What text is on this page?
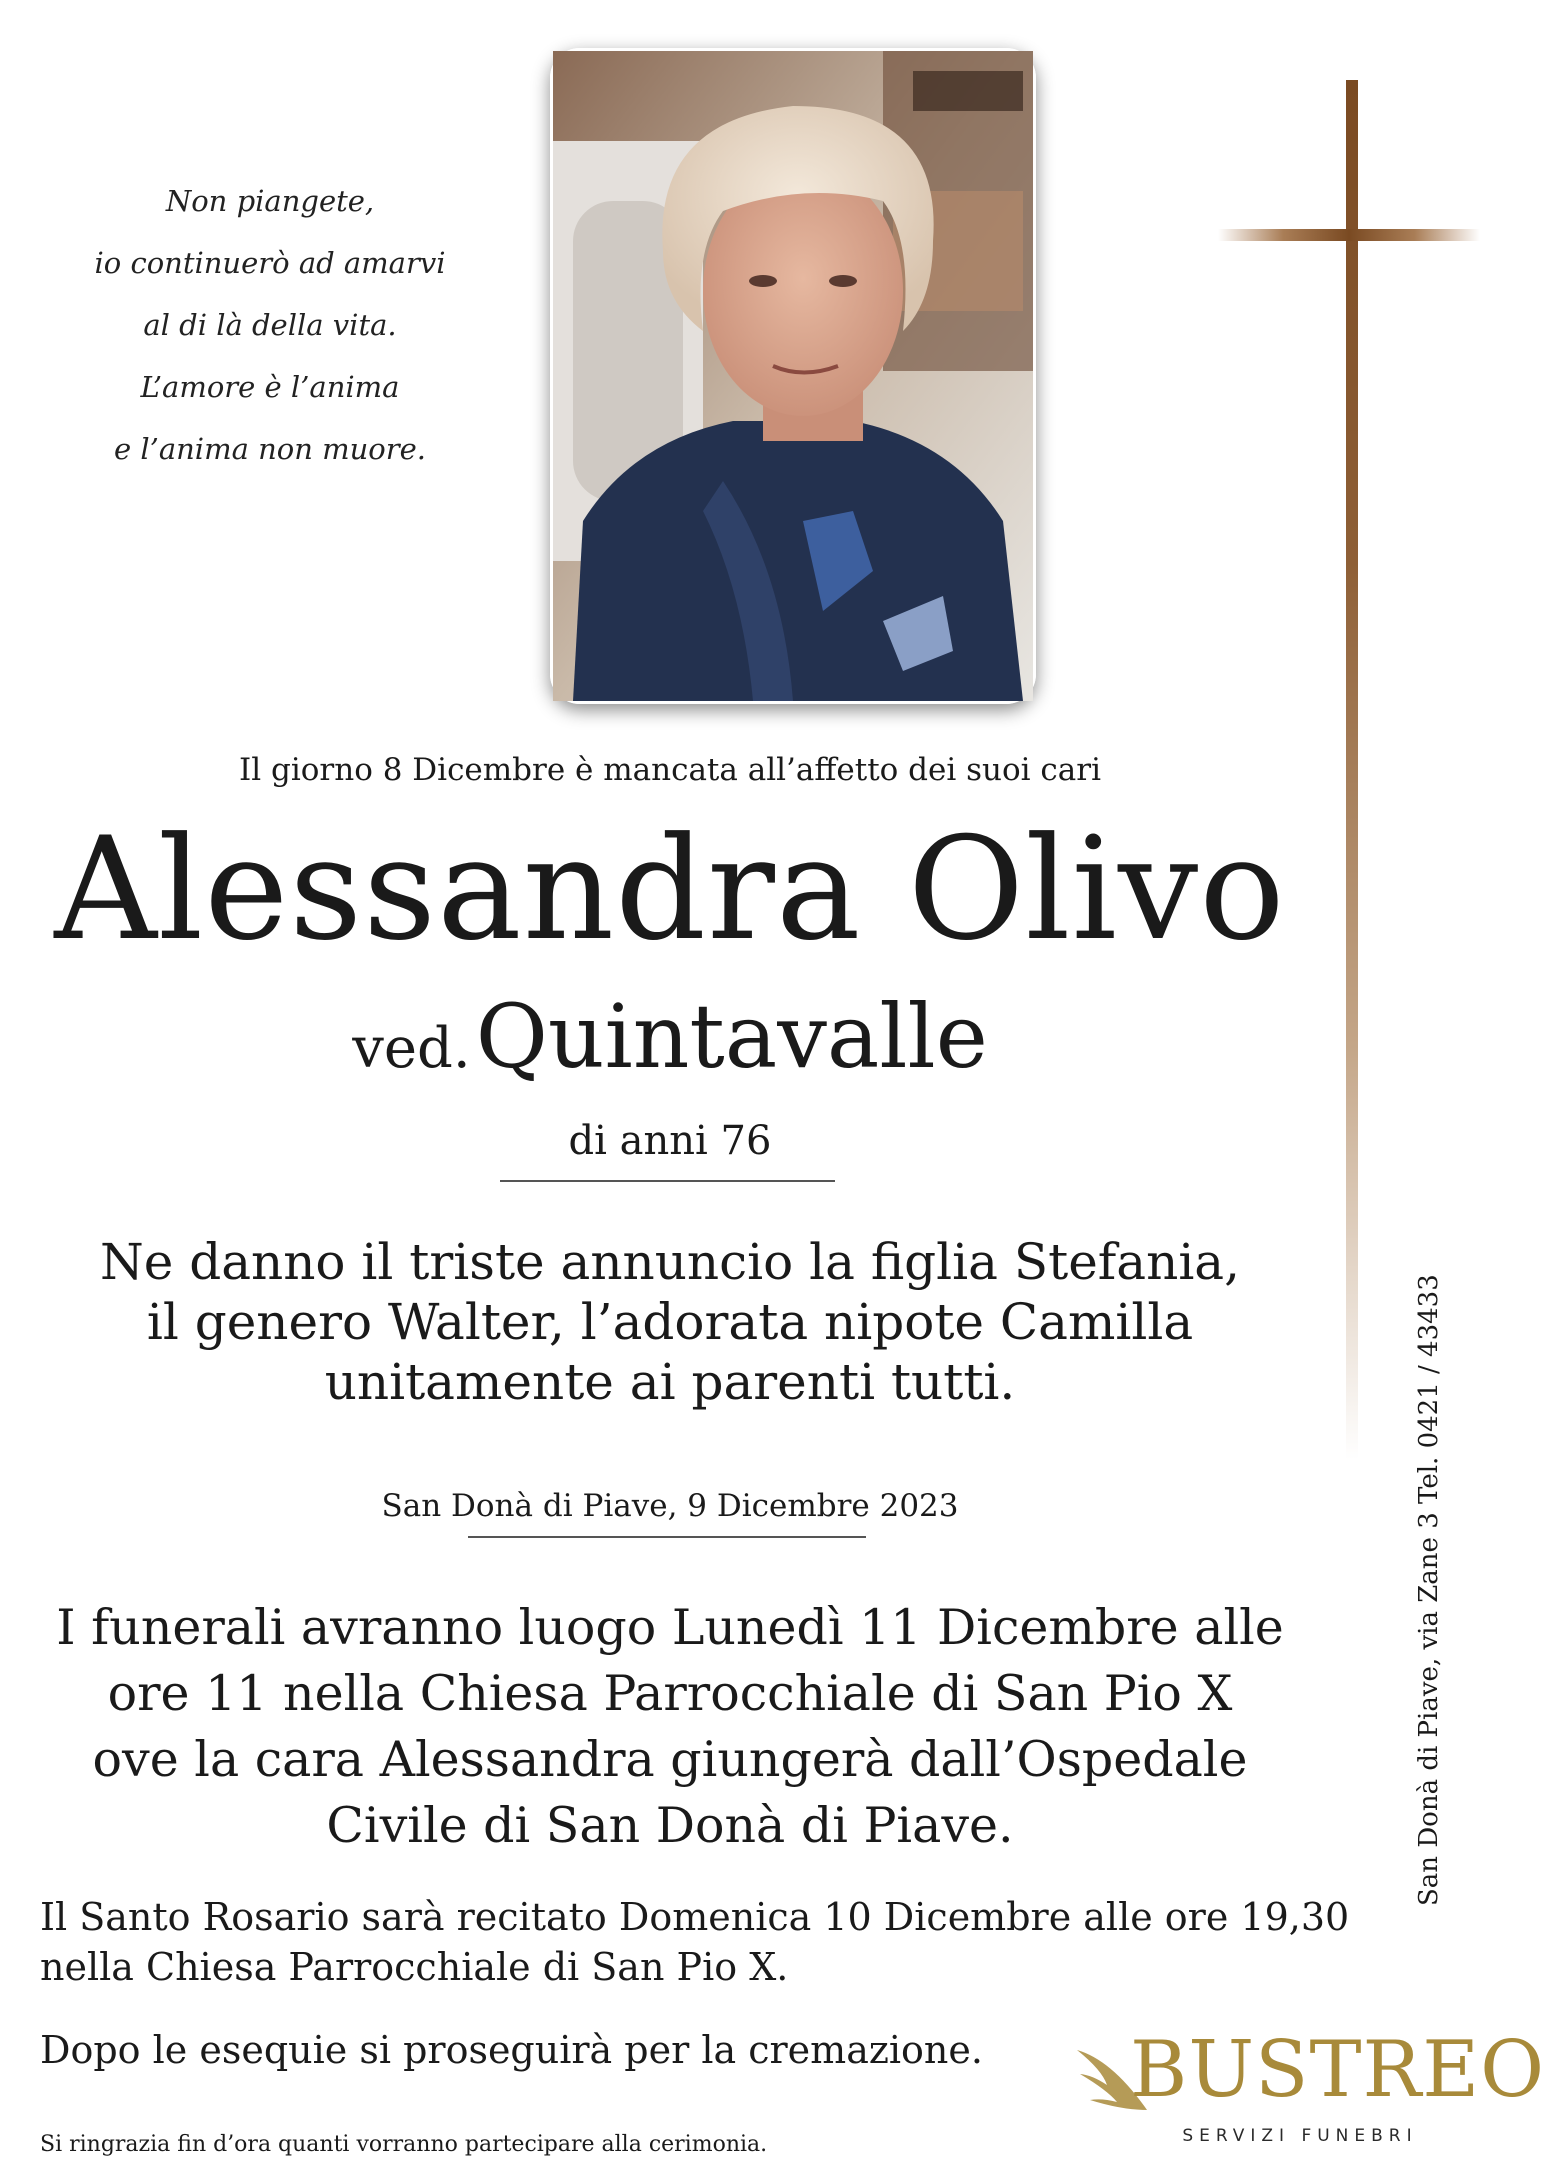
Non piangete,
io continuerò ad amarvi
al di là della vita.
L’amore è l’anima
e l’anima non muore.
Il giorno 8 Dicembre è mancata all’affetto dei suoi cari
Alessandra Olivo
ved. Quintavalle
di anni 76
Ne danno il triste annuncio la figlia Stefania,
il genero Walter, l’adorata nipote Camilla
unitamente ai parenti tutti.
San Donà di Piave, 9 Dicembre 2023
I funerali avranno luogo Lunedì 11 Dicembre alle
ore 11 nella Chiesa Parrocchiale di San Pio X
ove la cara Alessandra giungerà dall’Ospedale
Civile di San Donà di Piave.
Il Santo Rosario sarà recitato Domenica 10 Dicembre alle ore 19,30
nella Chiesa Parrocchiale di San Pio X.
Dopo le esequie si proseguirà per la cremazione.
Si ringrazia fin d’ora quanti vorranno partecipare alla cerimonia.
San Donà di Piave, via Zane 3 Tel. 0421 / 43433
BUSTREO
SERVIZI FUNEBRI
